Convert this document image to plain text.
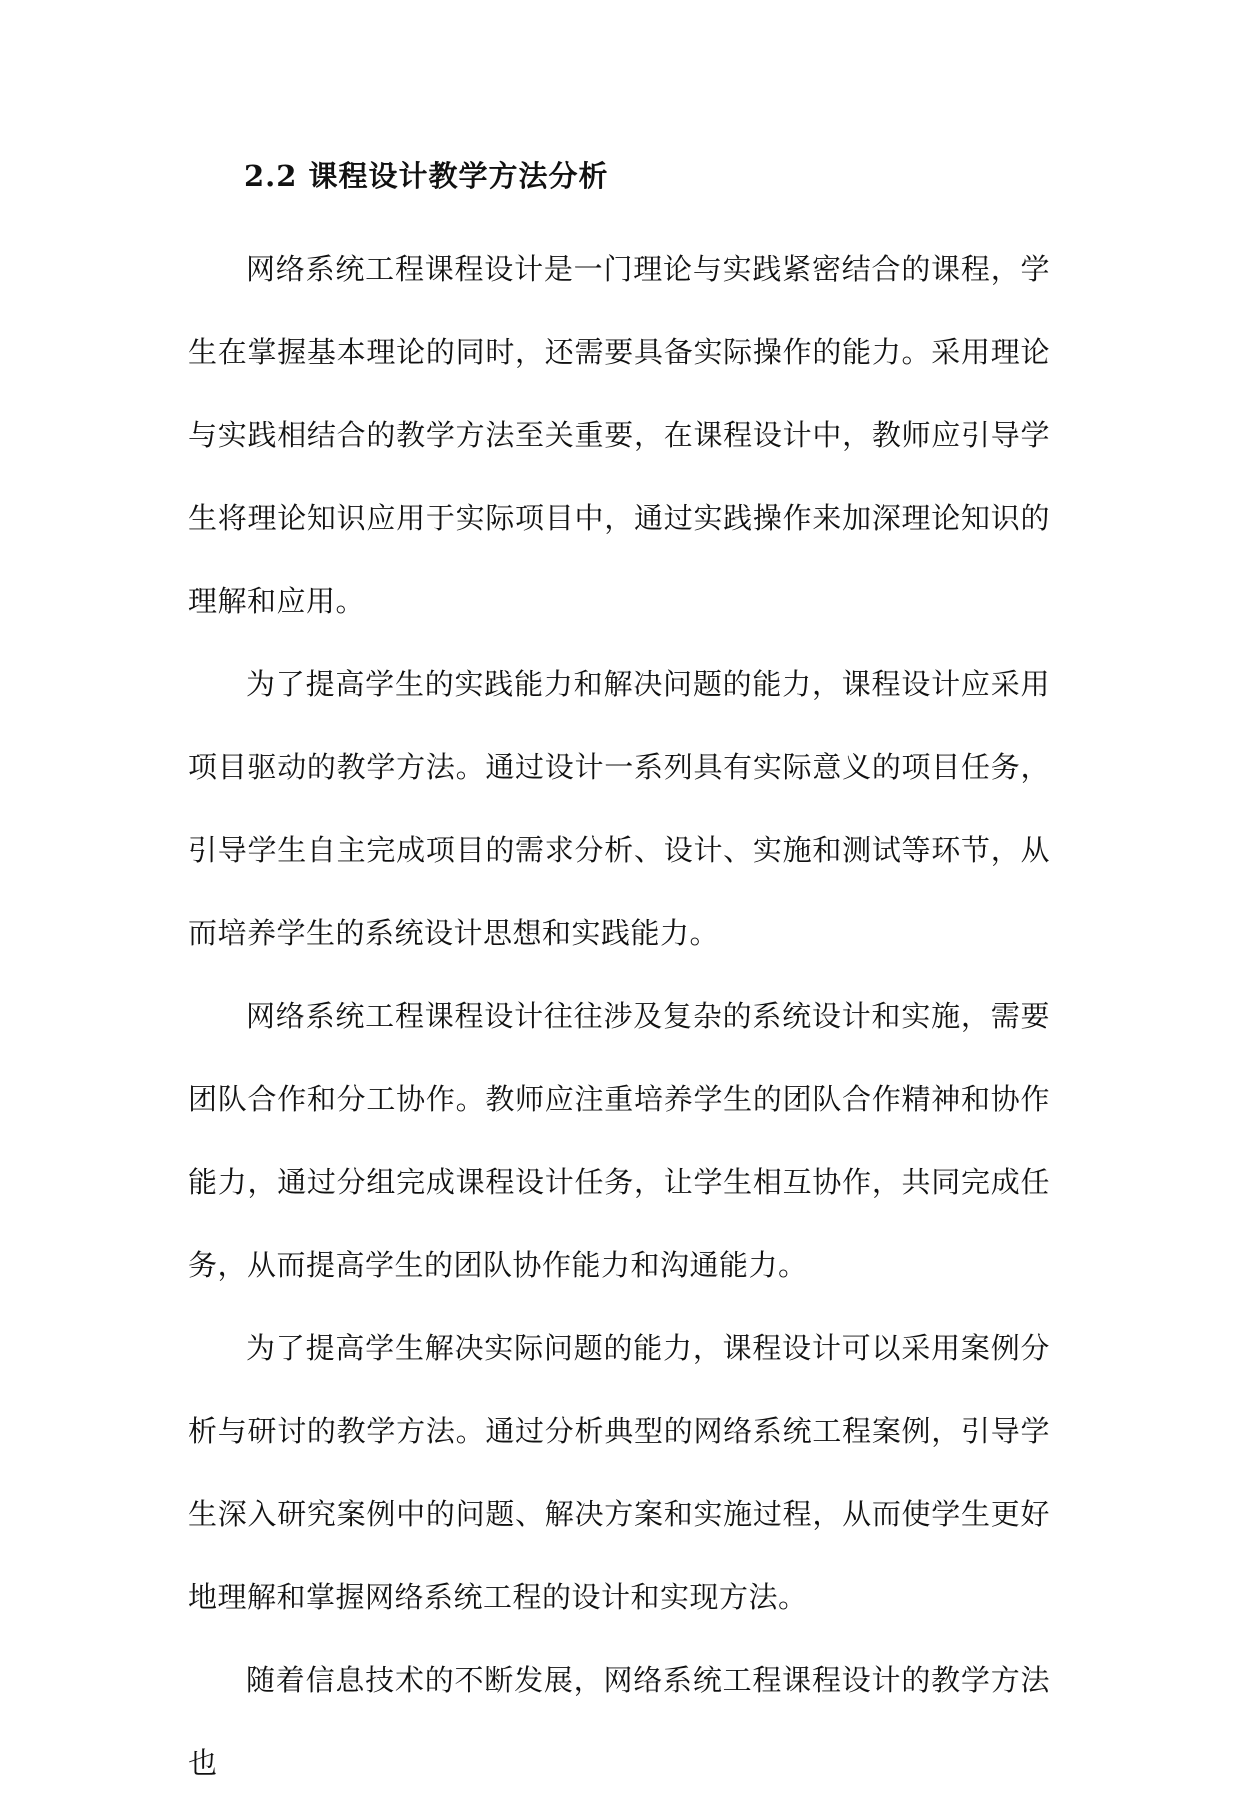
2.2 课程设计教学方法分析

网络系统工程课程设计是一门理论与实践紧密结合的课程，学生在掌握基本理论的同时，还需要具备实际操作的能力。采用理论与实践相结合的教学方法至关重要，在课程设计中，教师应引导学生将理论知识应用于实际项目中，通过实践操作来加深理论知识的理解和应用。

为了提高学生的实践能力和解决问题的能力，课程设计应采用项目驱动的教学方法。通过设计一系列具有实际意义的项目任务，引导学生自主完成项目的需求分析、设计、实施和测试等环节，从而培养学生的系统设计思想和实践能力。

网络系统工程课程设计往往涉及复杂的系统设计和实施，需要团队合作和分工协作。教师应注重培养学生的团队合作精神和协作能力，通过分组完成课程设计任务，让学生相互协作，共同完成任务，从而提高学生的团队协作能力和沟通能力。

为了提高学生解决实际问题的能力，课程设计可以采用案例分析与研讨的教学方法。通过分析典型的网络系统工程案例，引导学生深入研究案例中的问题、解决方案和实施过程，从而使学生更好地理解和掌握网络系统工程的设计和实现方法。

随着信息技术的不断发展，网络系统工程课程设计的教学方法也
